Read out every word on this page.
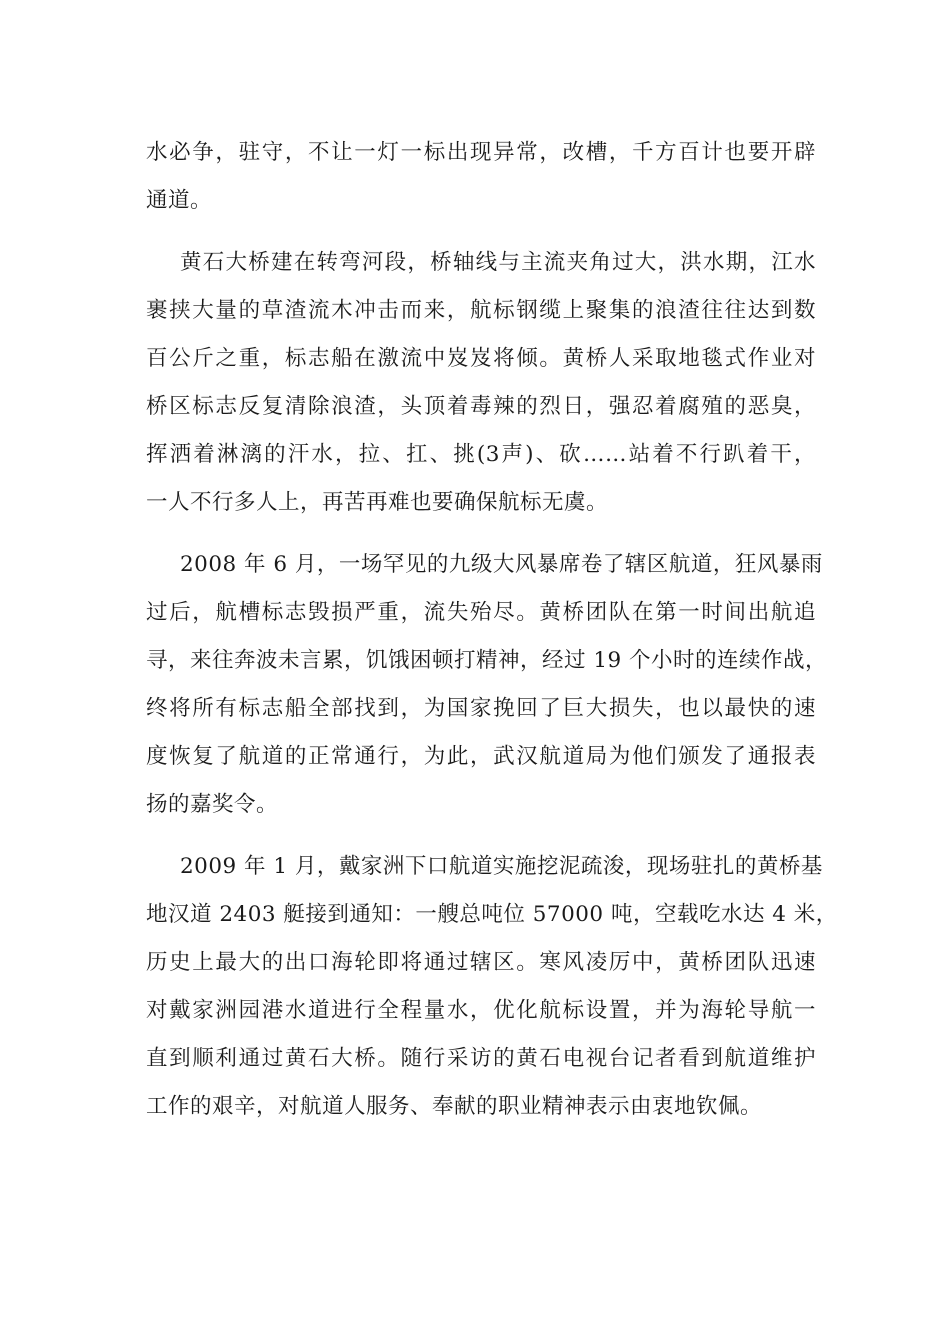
水必争，驻守，不让一灯一标出现异常，改槽，千方百计也要开辟
通道。
黄石大桥建在转弯河段，桥轴线与主流夹角过大，洪水期，江水
裹挟大量的草渣流木冲击而来，航标钢缆上聚集的浪渣往往达到数
百公斤之重，标志船在激流中岌岌将倾。黄桥人采取地毯式作业对
桥区标志反复清除浪渣，头顶着毒辣的烈日，强忍着腐殖的恶臭，
挥洒着淋漓的汗水，拉、扛、挑(3声)、砍……站着不行趴着干，
一人不行多人上，再苦再难也要确保航标无虞。
2008 年 6 月，一场罕见的九级大风暴席卷了辖区航道，狂风暴雨
过后，航槽标志毁损严重，流失殆尽。黄桥团队在第一时间出航追
寻，来往奔波未言累，饥饿困顿打精神，经过 19 个小时的连续作战，
终将所有标志船全部找到，为国家挽回了巨大损失，也以最快的速
度恢复了航道的正常通行，为此，武汉航道局为他们颁发了通报表
扬的嘉奖令。
2009 年 1 月，戴家洲下口航道实施挖泥疏浚，现场驻扎的黄桥基
地汉道 2403 艇接到通知：一艘总吨位 57000 吨，空载吃水达 4 米，
历史上最大的出口海轮即将通过辖区。寒风凌厉中，黄桥团队迅速
对戴家洲园港水道进行全程量水，优化航标设置，并为海轮导航一
直到顺利通过黄石大桥。随行采访的黄石电视台记者看到航道维护
工作的艰辛，对航道人服务、奉献的职业精神表示由衷地钦佩。
